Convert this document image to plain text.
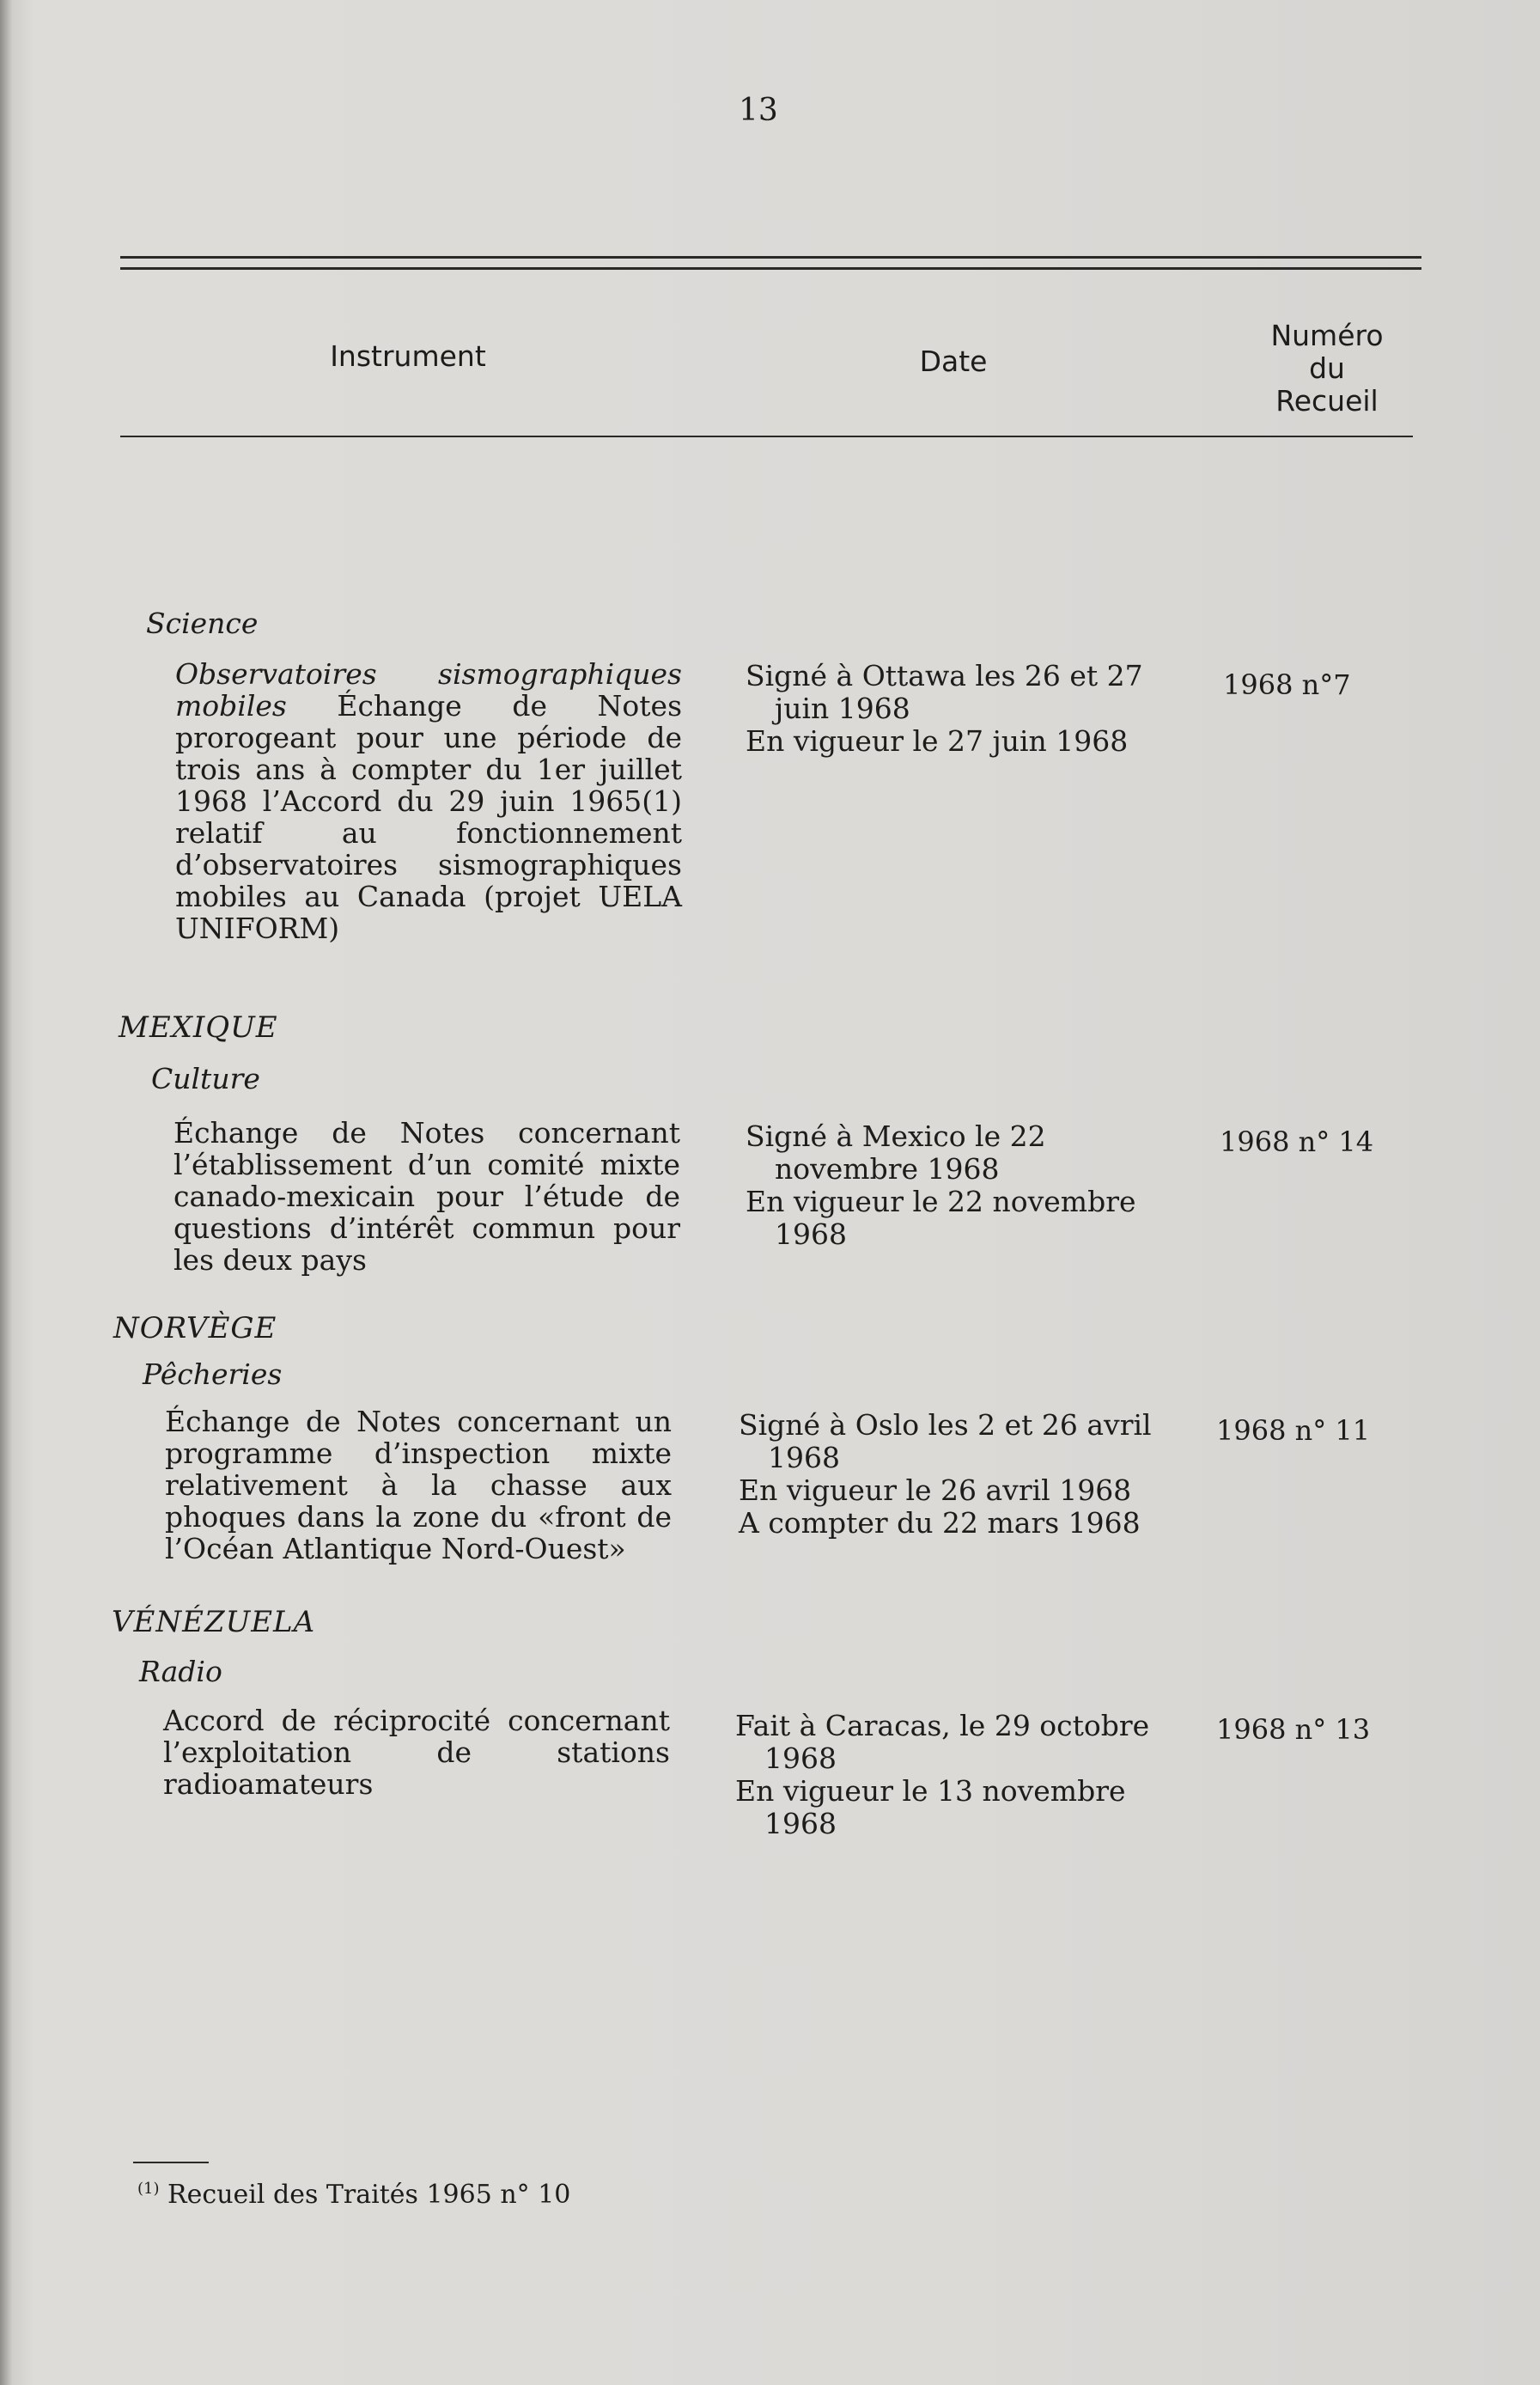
13
Instrument	Date
Numéro
du
Recueil
Science
Observatoires sismographiques mobiles Échange de Notes prorogeant pour une période de trois ans à compter du 1er juillet 1968 l’Accord du 29 juin 1965(1) relatif au fonctionnement d’observatoires sismographiques mobiles au Canada (projet UELA UNIFORM)
Signé à Ottawa les 26 et 27 juin 1968
En vigueur le 27 juin 1968
1968 n°7
MEXIQUE
Culture
Échange de Notes concernant l’établissement d’un comité mixte canado-mexicain pour l’étude de questions d’intérêt commun pour les deux pays
Signé à Mexico le 22 novembre 1968
En vigueur le 22 novembre 1968
1968 n° 14
NORVÈGE
Pêcheries
Échange de Notes concernant un programme d’inspection mixte relativement à la chasse aux phoques dans la zone du «front de l’Océan Atlantique Nord-Ouest»
Signé à Oslo les 2 et 26 avril 1968
En vigueur le 26 avril 1968
A compter du 22 mars 1968
1968 n° 11
VÉNÉZUELA
Radio
Accord de réciprocité concernant l’exploitation de stations radioamateurs
Fait à Caracas, le 29 octobre 1968
En vigueur le 13 novembre 1968
1968 n° 13
$^{(1)}$ Recueil des Traités 1965 n° 10
